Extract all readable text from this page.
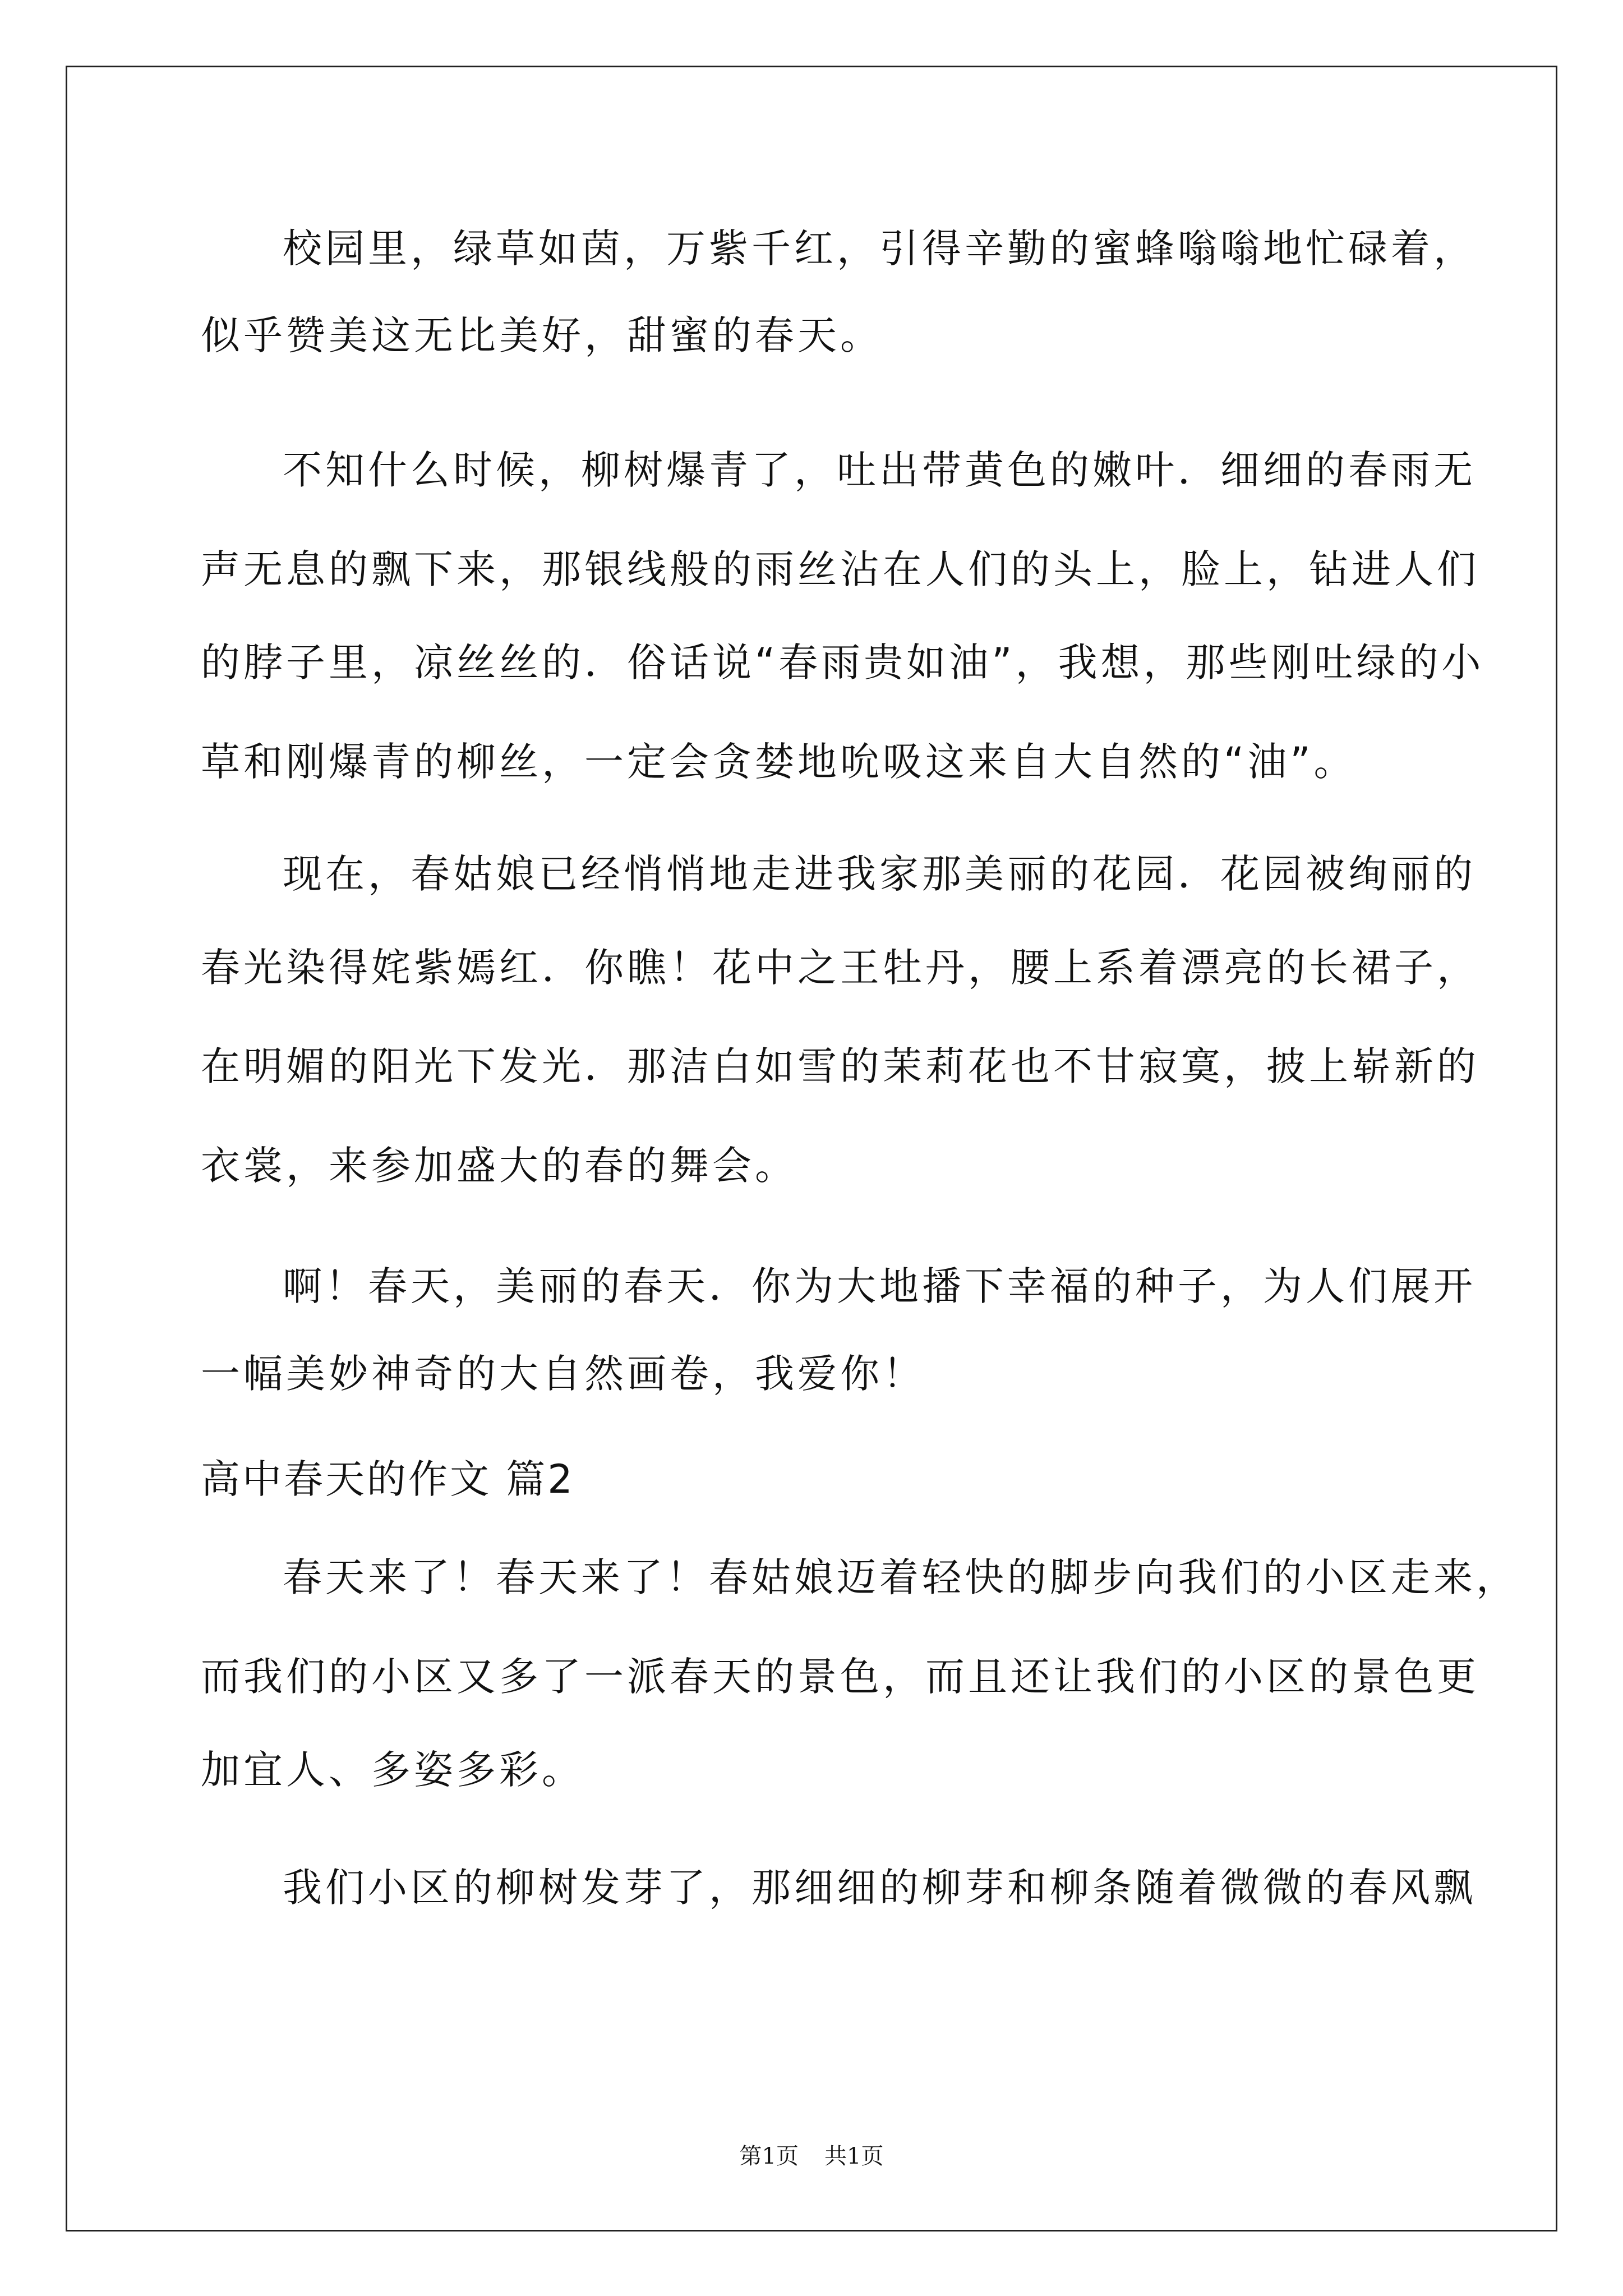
校园里，绿草如茵，万紫千红，引得辛勤的蜜蜂嗡嗡地忙碌着，
似乎赞美这无比美好，甜蜜的春天。
不知什么时候，柳树爆青了，吐出带黄色的嫩叶．细细的春雨无
声无息的飘下来，那银线般的雨丝沾在人们的头上，脸上，钻进人们
的脖子里，凉丝丝的．俗话说“春雨贵如油”，我想，那些刚吐绿的小
草和刚爆青的柳丝，一定会贪婪地吮吸这来自大自然的“油”。
现在，春姑娘已经悄悄地走进我家那美丽的花园．花园被绚丽的
春光染得姹紫嫣红．你瞧！花中之王牡丹，腰上系着漂亮的长裙子，
在明媚的阳光下发光．那洁白如雪的茉莉花也不甘寂寞，披上崭新的
衣裳，来参加盛大的春的舞会。
啊！春天，美丽的春天．你为大地播下幸福的种子，为人们展开
一幅美妙神奇的大自然画卷，我爱你！
高中春天的作文 篇2
春天来了！春天来了！春姑娘迈着轻快的脚步向我们的小区走来，
而我们的小区又多了一派春天的景色，而且还让我们的小区的景色更
加宜人、多姿多彩。
我们小区的柳树发芽了，那细细的柳芽和柳条随着微微的春风飘
第1页 共1页
